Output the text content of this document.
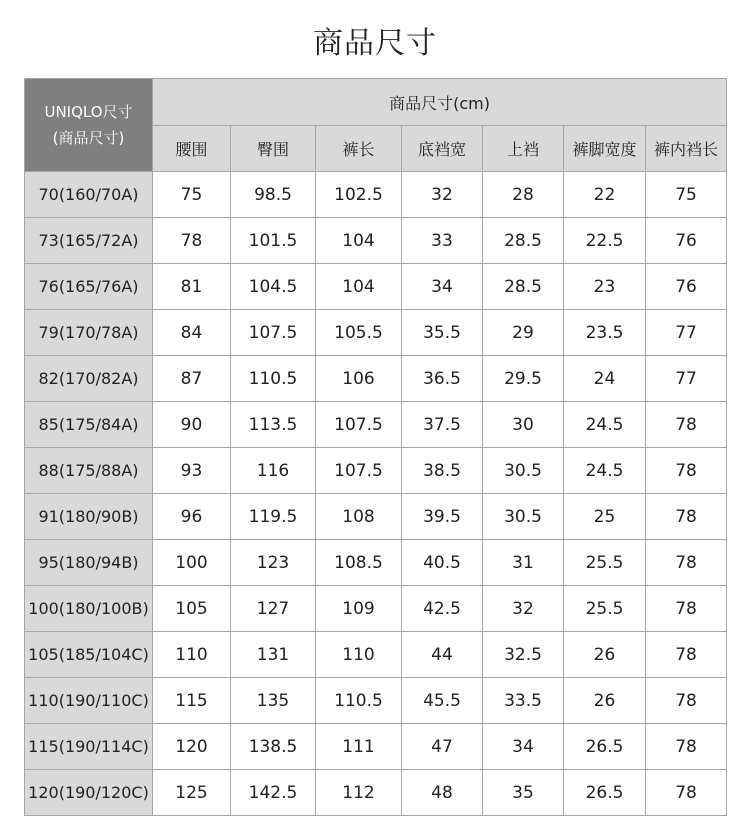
商品尺寸
UNIQLO尺寸
(商品尺寸)	商品尺寸(cm)						
	腰围	臀围	裤长	底裆宽	上裆	裤脚宽度	裤内裆长
70(160/70A)	75	98.5	102.5	32	28	22	75
73(165/72A)	78	101.5	104	33	28.5	22.5	76
76(165/76A)	81	104.5	104	34	28.5	23	76
79(170/78A)	84	107.5	105.5	35.5	29	23.5	77
82(170/82A)	87	110.5	106	36.5	29.5	24	77
85(175/84A)	90	113.5	107.5	37.5	30	24.5	78
88(175/88A)	93	116	107.5	38.5	30.5	24.5	78
91(180/90B)	96	119.5	108	39.5	30.5	25	78
95(180/94B)	100	123	108.5	40.5	31	25.5	78
100(180/100B)	105	127	109	42.5	32	25.5	78
105(185/104C)	110	131	110	44	32.5	26	78
110(190/110C)	115	135	110.5	45.5	33.5	26	78
115(190/114C)	120	138.5	111	47	34	26.5	78
120(190/120C)	125	142.5	112	48	35	26.5	78
